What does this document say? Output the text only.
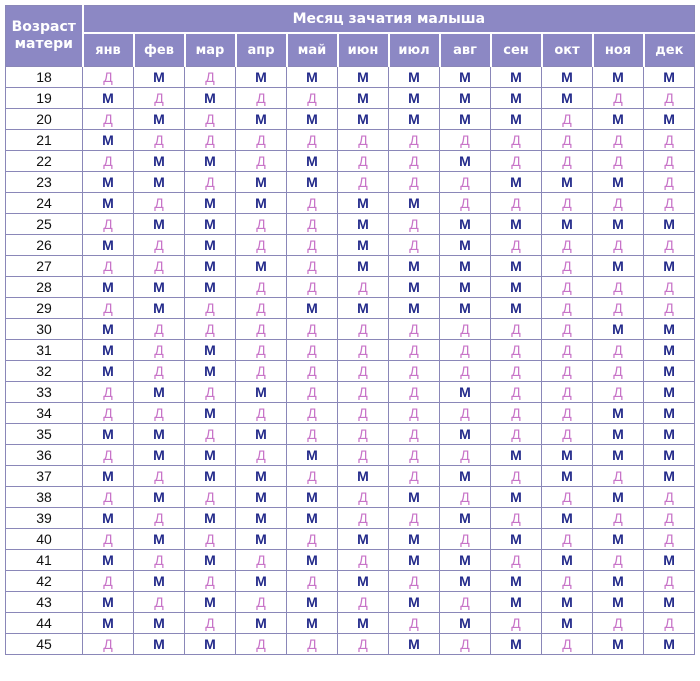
Возраст
матери	Месяц зачатия малыша											
	янв	фев	мар	апр	май	июн	июл	авг	сен	окт	ноя	дек
18	Д	М	Д	М	М	М	М	М	М	М	М	М
19	М	Д	М	Д	Д	М	М	М	М	М	Д	Д
20	Д	М	Д	М	М	М	М	М	М	Д	М	М
21	М	Д	Д	Д	Д	Д	Д	Д	Д	Д	Д	Д
22	Д	М	М	Д	М	Д	Д	М	Д	Д	Д	Д
23	М	М	Д	М	М	Д	Д	Д	М	М	М	Д
24	М	Д	М	М	Д	М	М	Д	Д	Д	Д	Д
25	Д	М	М	Д	Д	М	Д	М	М	М	М	М
26	М	Д	М	Д	Д	М	Д	М	Д	Д	Д	Д
27	Д	Д	М	М	Д	М	М	М	М	Д	М	М
28	М	М	М	Д	Д	Д	М	М	М	Д	Д	Д
29	Д	М	Д	Д	М	М	М	М	М	Д	Д	Д
30	М	Д	Д	Д	Д	Д	Д	Д	Д	Д	М	М
31	М	Д	М	Д	Д	Д	Д	Д	Д	Д	Д	М
32	М	Д	М	Д	Д	Д	Д	Д	Д	Д	Д	М
33	Д	М	Д	М	Д	Д	Д	М	Д	Д	Д	М
34	Д	Д	М	Д	Д	Д	Д	Д	Д	Д	М	М
35	М	М	Д	М	Д	Д	Д	М	Д	Д	М	М
36	Д	М	М	Д	М	Д	Д	Д	М	М	М	М
37	М	Д	М	М	Д	М	Д	М	Д	М	Д	М
38	Д	М	Д	М	М	Д	М	Д	М	Д	М	Д
39	М	Д	М	М	М	Д	Д	М	Д	М	Д	Д
40	Д	М	Д	М	Д	М	М	Д	М	Д	М	Д
41	М	Д	М	Д	М	Д	М	М	Д	М	Д	М
42	Д	М	Д	М	Д	М	Д	М	М	Д	М	Д
43	М	Д	М	Д	М	Д	М	Д	М	М	М	М
44	М	М	Д	М	М	М	Д	М	Д	М	Д	Д
45	Д	М	М	Д	Д	Д	М	Д	М	Д	М	М
